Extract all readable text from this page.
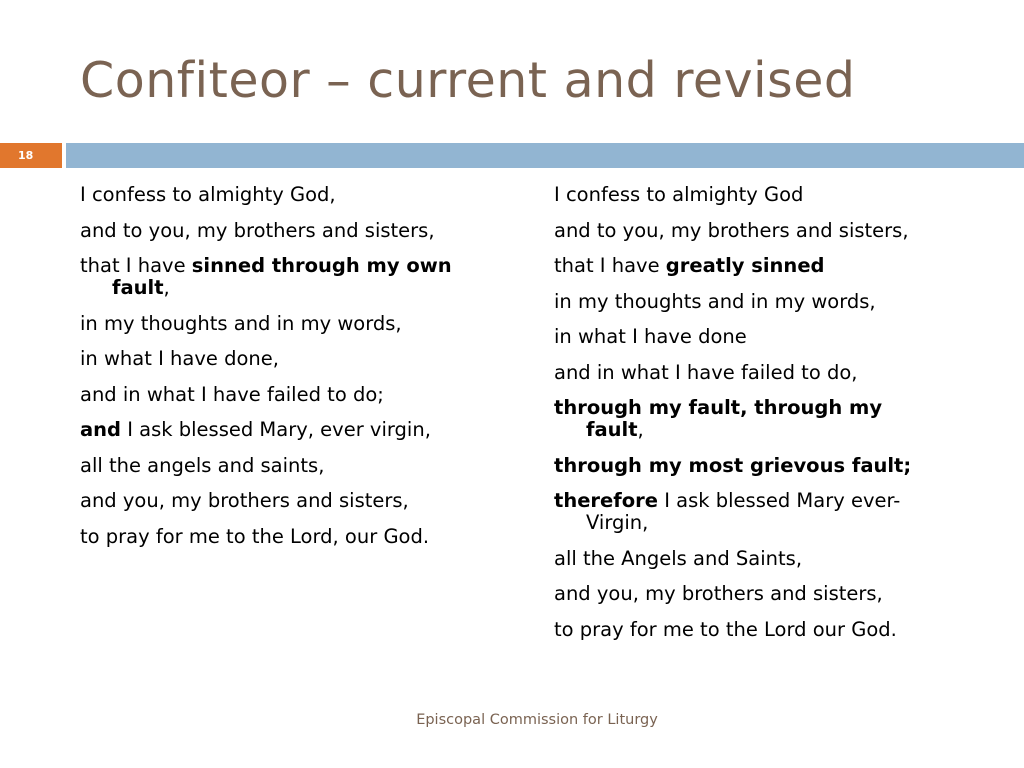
Confiteor – current and revised
18
I confess to almighty God,
and to you, my brothers and sisters,
that I have sinned through my own
fault,
in my thoughts and in my words,
in what I have done,
and in what I have failed to do;
and I ask blessed Mary, ever virgin,
all the angels and saints,
and you, my brothers and sisters,
to pray for me to the Lord, our God.
I confess to almighty God
and to you, my brothers and sisters,
that I have greatly sinned
in my thoughts and in my words,
in what I have done
and in what I have failed to do,
through my fault, through my
fault,
through my most grievous fault;
therefore I ask blessed Mary ever-
Virgin,
all the Angels and Saints,
and you, my brothers and sisters,
to pray for me to the Lord our God.
Episcopal Commission for Liturgy
